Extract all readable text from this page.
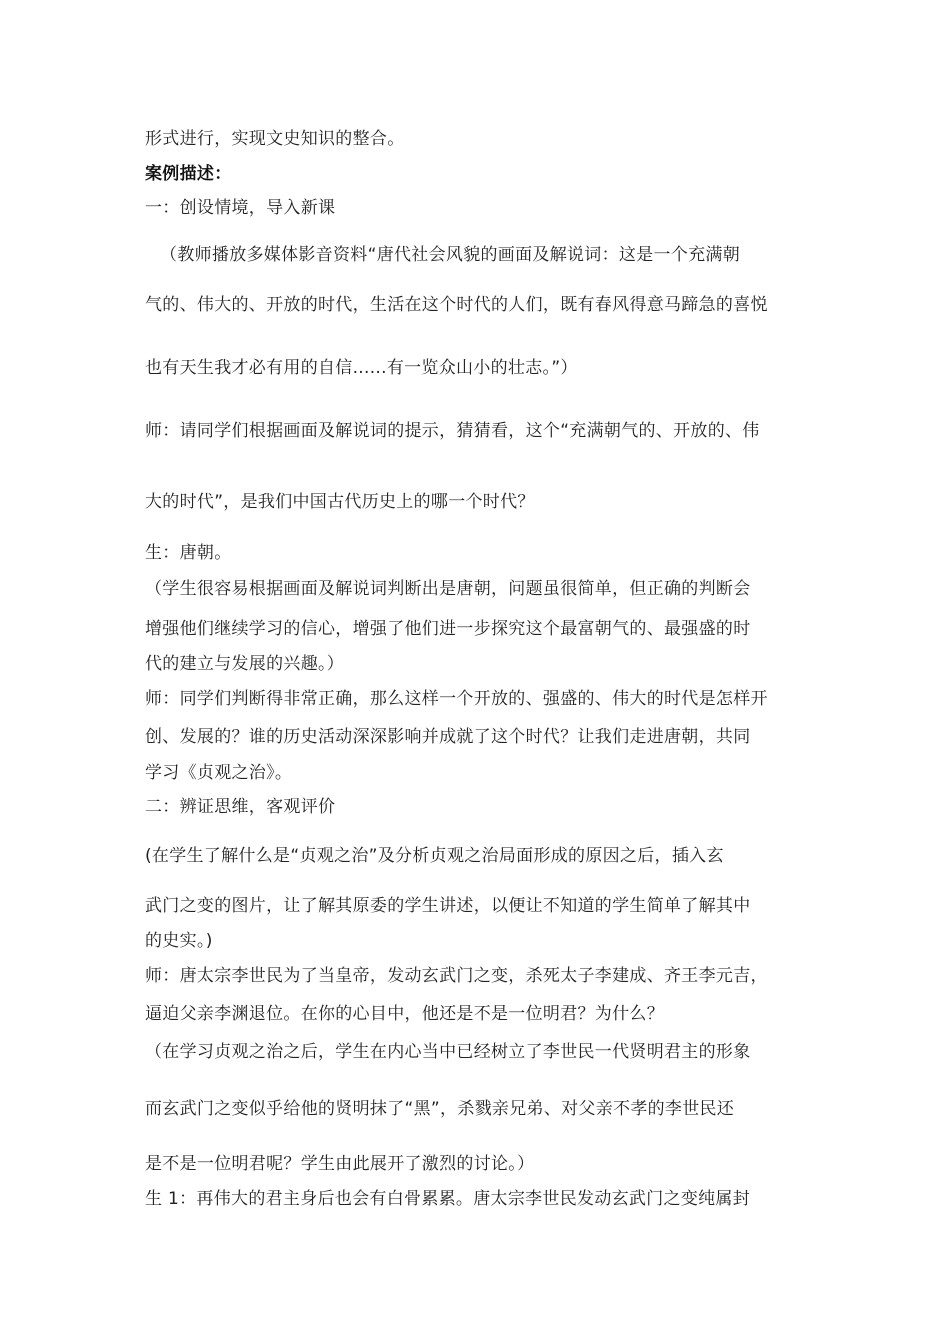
形式进行，实现文史知识的整合。

案例描述：

一：创设情境，导入新课

（教师播放多媒体影音资料“唐代社会风貌的画面及解说词：这是一个充满朝

气的、伟大的、开放的时代，生活在这个时代的人们，既有春风得意马蹄急的喜悦

也有天生我才必有用的自信......有一览众山小的壮志。”）

师：请同学们根据画面及解说词的提示，猜猜看，这个“充满朝气的、开放的、伟

大的时代”，是我们中国古代历史上的哪一个时代？

生：唐朝。

（学生很容易根据画面及解说词判断出是唐朝，问题虽很简单，但正确的判断会

增强他们继续学习的信心，增强了他们进一步探究这个最富朝气的、最强盛的时

代的建立与发展的兴趣。）

师：同学们判断得非常正确，那么这样一个开放的、强盛的、伟大的时代是怎样开

创、发展的？谁的历史活动深深影响并成就了这个时代？让我们走进唐朝，共同

学习《贞观之治》。

二：辨证思维，客观评价

(在学生了解什么是“贞观之治”及分析贞观之治局面形成的原因之后，插入玄

武门之变的图片，让了解其原委的学生讲述，以便让不知道的学生简单了解其中

的史实。)

师：唐太宗李世民为了当皇帝，发动玄武门之变，杀死太子李建成、齐王李元吉，

逼迫父亲李渊退位。在你的心目中，他还是不是一位明君？为什么？

（在学习贞观之治之后，学生在内心当中已经树立了李世民一代贤明君主的形象

而玄武门之变似乎给他的贤明抹了“黑”，杀戮亲兄弟、对父亲不孝的李世民还

是不是一位明君呢？学生由此展开了激烈的讨论。）

生 1：再伟大的君主身后也会有白骨累累。唐太宗李世民发动玄武门之变纯属封
